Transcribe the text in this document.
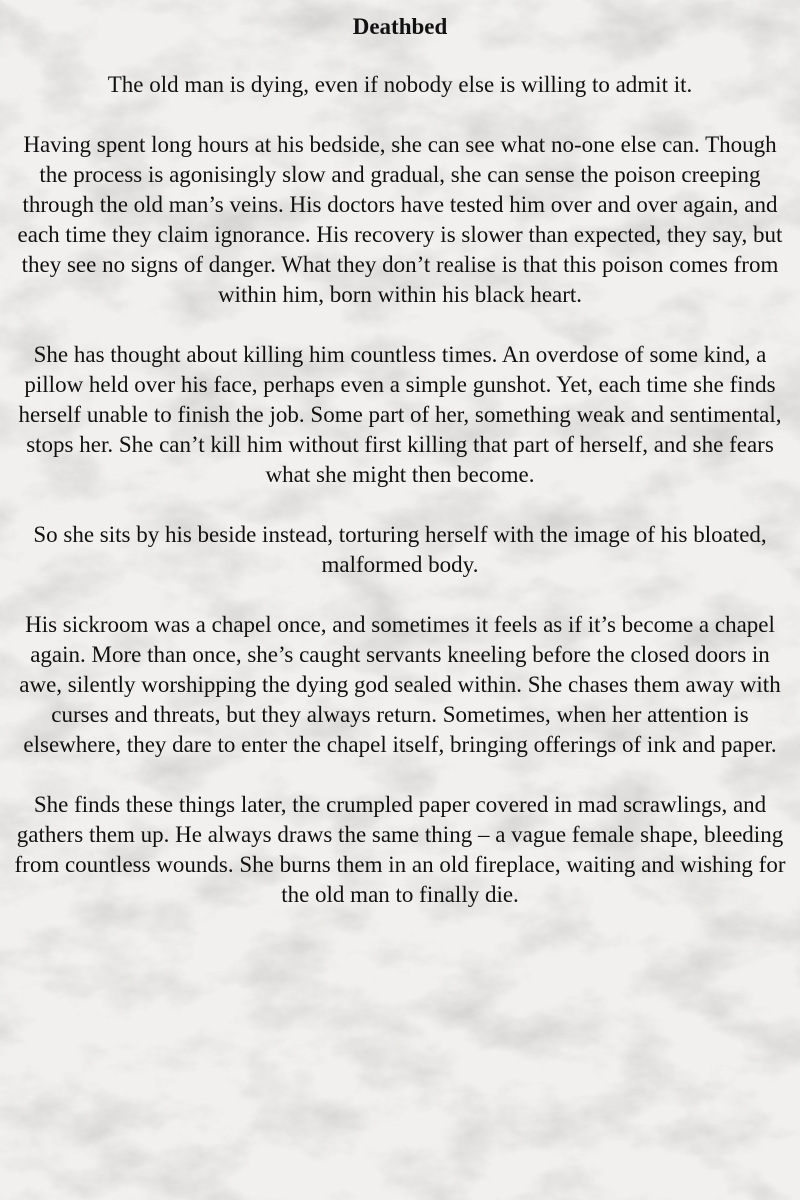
Deathbed

The old man is dying, even if nobody else is willing to admit it.

Having spent long hours at his bedside, she can see what no-one else can. Though the process is agonisingly slow and gradual, she can sense the poison creeping through the old man’s veins. His doctors have tested him over and over again, and each time they claim ignorance. His recovery is slower than expected, they say, but they see no signs of danger. What they don’t realise is that this poison comes from within him, born within his black heart.

She has thought about killing him countless times. An overdose of some kind, a pillow held over his face, perhaps even a simple gunshot. Yet, each time she finds herself unable to finish the job. Some part of her, something weak and sentimental, stops her. She can’t kill him without first killing that part of herself, and she fears what she might then become.

So she sits by his beside instead, torturing herself with the image of his bloated, malformed body.

His sickroom was a chapel once, and sometimes it feels as if it’s become a chapel again. More than once, she’s caught servants kneeling before the closed doors in awe, silently worshipping the dying god sealed within. She chases them away with curses and threats, but they always return. Sometimes, when her attention is elsewhere, they dare to enter the chapel itself, bringing offerings of ink and paper.

She finds these things later, the crumpled paper covered in mad scrawlings, and gathers them up. He always draws the same thing – a vague female shape, bleeding from countless wounds. She burns them in an old fireplace, waiting and wishing for the old man to finally die.
